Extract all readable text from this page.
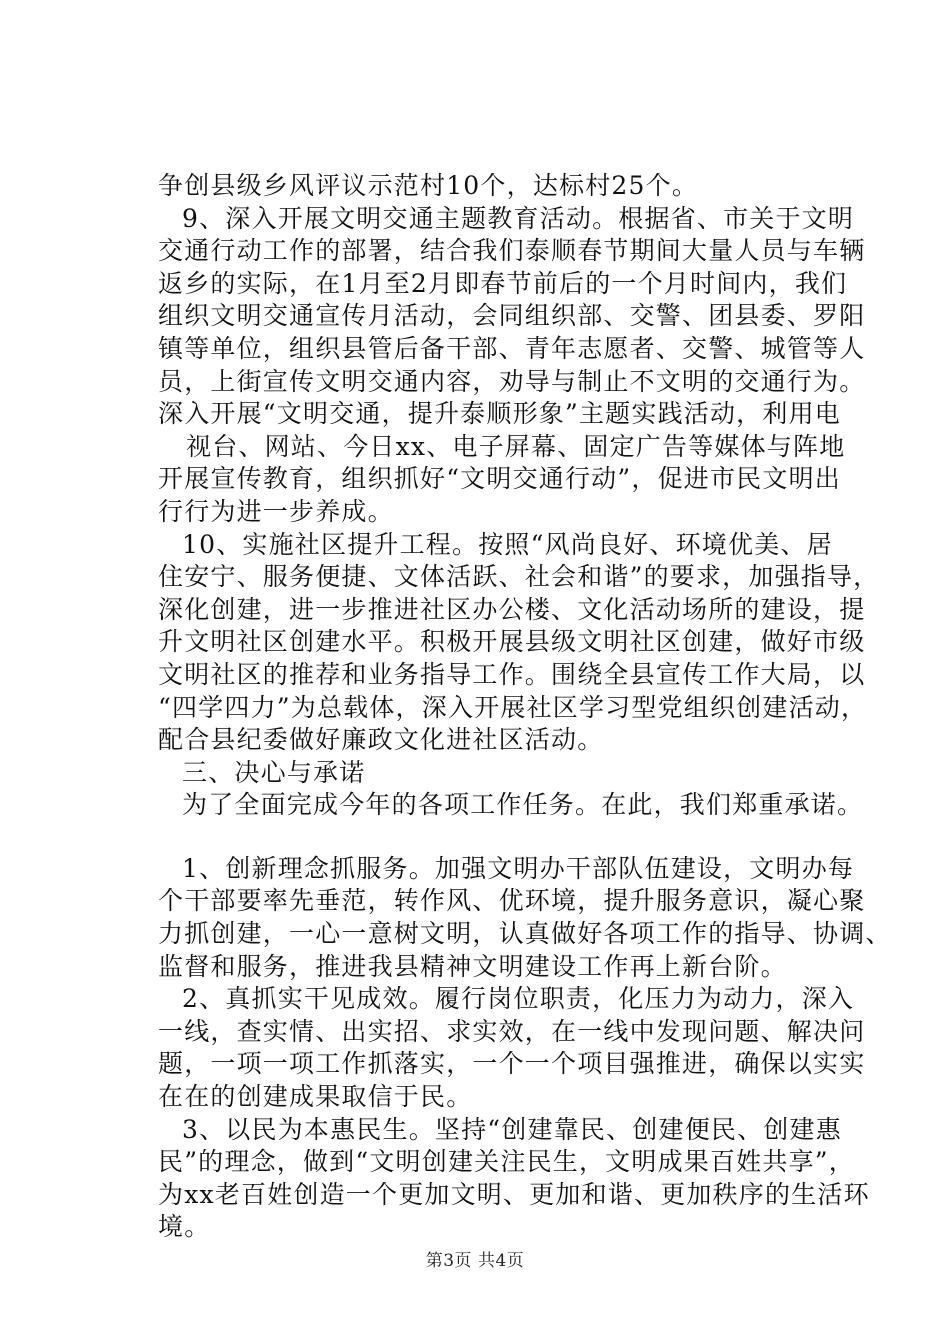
争创县级乡风评议示范村10个，达标村25个。

9、深入开展文明交通主题教育活动。根据省、市关于文明

交通行动工作的部署，结合我们泰顺春节期间大量人员与车辆

返乡的实际，在1月至2月即春节前后的一个月时间内，我们

组织文明交通宣传月活动，会同组织部、交警、团县委、罗阳

镇等单位，组织县管后备干部、青年志愿者、交警、城管等人

员，上街宣传文明交通内容，劝导与制止不文明的交通行为。

深入开展“文明交通，提升泰顺形象”主题实践活动，利用电

视台、网站、今日xx、电子屏幕、固定广告等媒体与阵地

开展宣传教育，组织抓好“文明交通行动”，促进市民文明出

行行为进一步养成。

10、实施社区提升工程。按照“风尚良好、环境优美、居

住安宁、服务便捷、文体活跃、社会和谐”的要求，加强指导，

深化创建，进一步推进社区办公楼、文化活动场所的建设，提

升文明社区创建水平。积极开展县级文明社区创建，做好市级

文明社区的推荐和业务指导工作。围绕全县宣传工作大局，以

“四学四力”为总载体，深入开展社区学习型党组织创建活动，

配合县纪委做好廉政文化进社区活动。

三、决心与承诺

为了全面完成今年的各项工作任务。在此，我们郑重承诺。

1、创新理念抓服务。加强文明办干部队伍建设，文明办每

个干部要率先垂范，转作风、优环境，提升服务意识，凝心聚

力抓创建，一心一意树文明，认真做好各项工作的指导、协调、

监督和服务，推进我县精神文明建设工作再上新台阶。

2、真抓实干见成效。履行岗位职责，化压力为动力，深入

一线，查实情、出实招、求实效，在一线中发现问题、解决问

题，一项一项工作抓落实，一个一个项目强推进，确保以实实

在在的创建成果取信于民。

3、以民为本惠民生。坚持“创建靠民、创建便民、创建惠

民”的理念，做到“文明创建关注民生，文明成果百姓共享”，

为xx老百姓创造一个更加文明、更加和谐、更加秩序的生活环

境。

第3页 共4页
